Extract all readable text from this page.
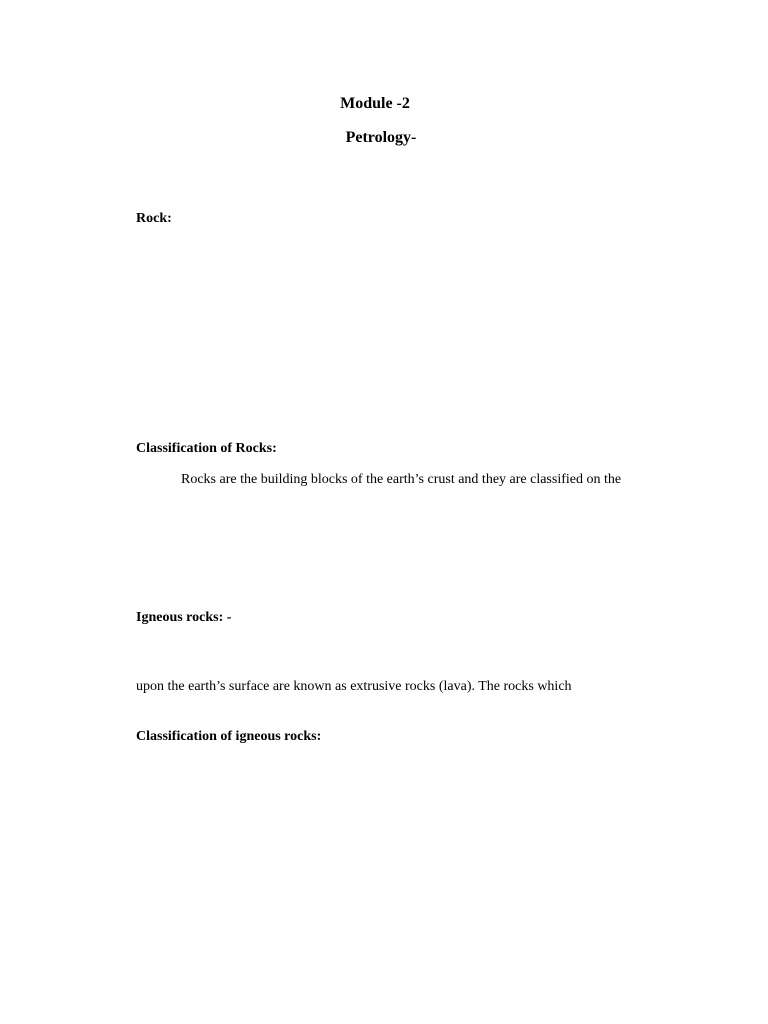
Module -2
Petrology-
Rock:
Classification of Rocks:
Rocks are the building blocks of the earth’s crust and they are classified on the
Igneous rocks: -
upon the earth’s surface are known as extrusive rocks (lava). The rocks which
Classification of igneous rocks:
